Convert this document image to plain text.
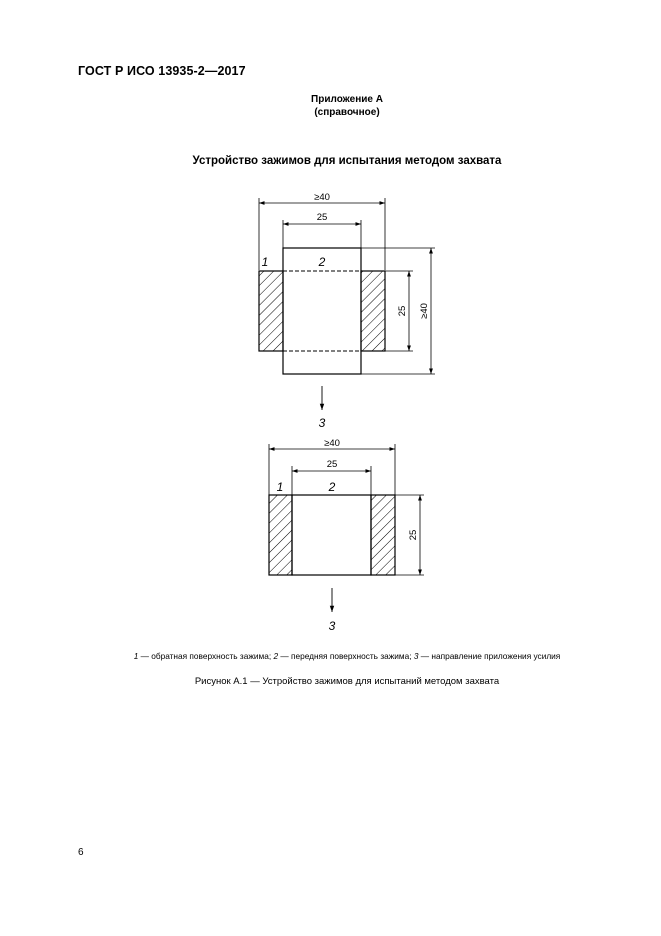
ГОСТ Р ИСО 13935-2—2017
Приложение А
(справочное)
Устройство зажимов для испытания методом захвата
≥40
25
1	2
25 ≥40
3
≥40
25
1	2
25
3
1 — обратная поверхность зажима; 2 — передняя поверхность зажима; 3 — направление приложения усилия
Рисунок А.1 — Устройство зажимов для испытаний методом захвата
6
